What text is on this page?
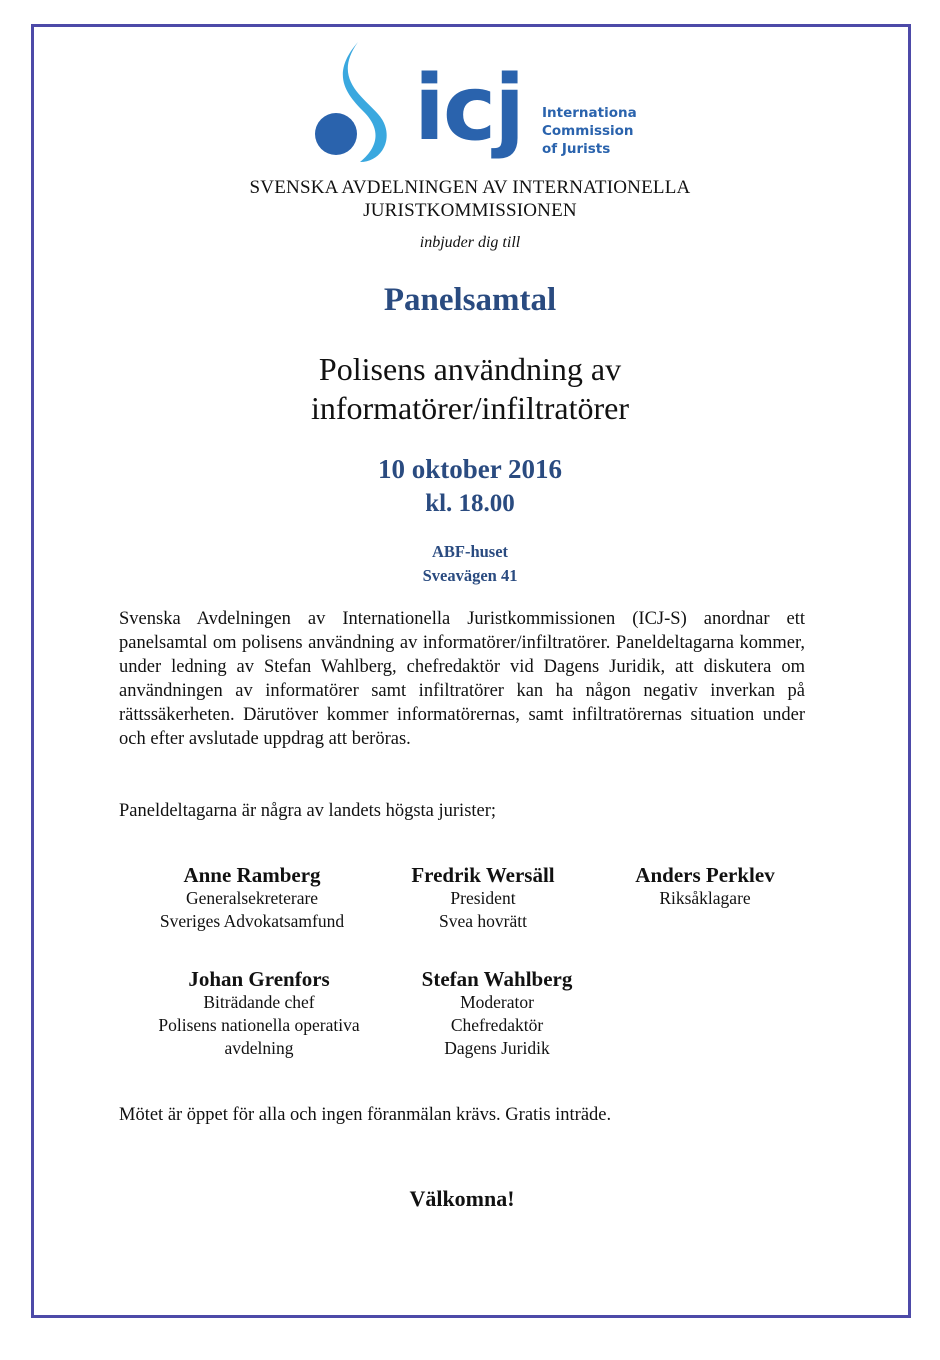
icj Internationa
Commission
of Jurists
SVENSKA AVDELNINGEN AV INTERNATIONELLA
JURISTKOMMISSIONEN
inbjuder dig till
Panelsamtal
Polisens användning av
informatörer/infiltratörer
10 oktober 2016
kl. 18.00
ABF-huset
Sveavägen 41
Svenska Avdelningen av Internationella Juristkommissionen (ICJ-S) anordnar ett panelsamtal om polisens användning av informatörer/infiltratörer. Paneldeltagarna kommer, under ledning av Stefan Wahlberg, chefredaktör vid Dagens Juridik, att diskutera om användningen av informatörer samt infiltratörer kan ha någon negativ inverkan på rättssäkerheten. Därutöver kommer informatörernas, samt infiltratörernas situation under och efter avslutade uppdrag att beröras.
Paneldeltagarna är några av landets högsta jurister;
Anne Ramberg
Generalsekreterare
Sveriges Advokatsamfund
Fredrik Wersäll
President
Svea hovrätt
Anders Perklev
Riksåklagare
Johan Grenfors
Biträdande chef
Polisens nationella operativa
avdelning
Stefan Wahlberg
Moderator
Chefredaktör
Dagens Juridik
Mötet är öppet för alla och ingen föranmälan krävs. Gratis inträde.
Välkomna!
